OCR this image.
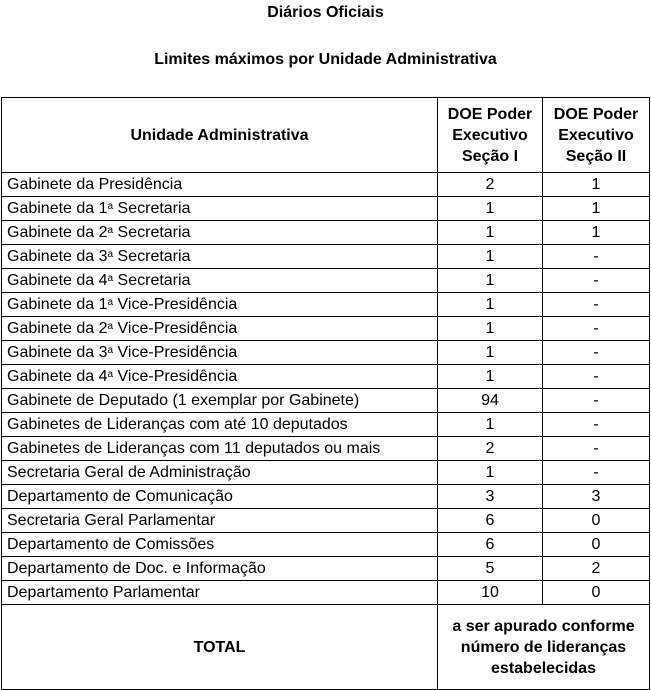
Diários Oficiais
Limites máximos por Unidade Administrativa
Unidade Administrativa	DOE Poder Executivo Seção I	DOE Poder Executivo Seção II
Gabinete da Presidência	2	1
Gabinete da 1$^a$ Secretaria	1	1
Gabinete da 2$^a$ Secretaria	1	1
Gabinete da 3$^a$ Secretaria	1	-
Gabinete da 4$^a$ Secretaria	1	-
Gabinete da 1$^a$ Vice-Presidência	1	-
Gabinete da 2$^a$ Vice-Presidência	1	-
Gabinete da 3$^a$ Vice-Presidência	1	-
Gabinete da 4$^a$ Vice-Presidência	1	-
Gabinete de Deputado (1 exemplar por Gabinete)	94	-
Gabinetes de Lideranças com até 10 deputados	1	-
Gabinetes de Lideranças com 11 deputados ou mais	2	-
Secretaria Geral de Administração	1	-
Departamento de Comunicação	3	3
Secretaria Geral Parlamentar	6	0
Departamento de Comissões	6	0
Departamento de Doc. e Informação	5	2
Departamento Parlamentar	10	0
TOTAL	a ser apurado conforme número de lideranças estabelecidas	
